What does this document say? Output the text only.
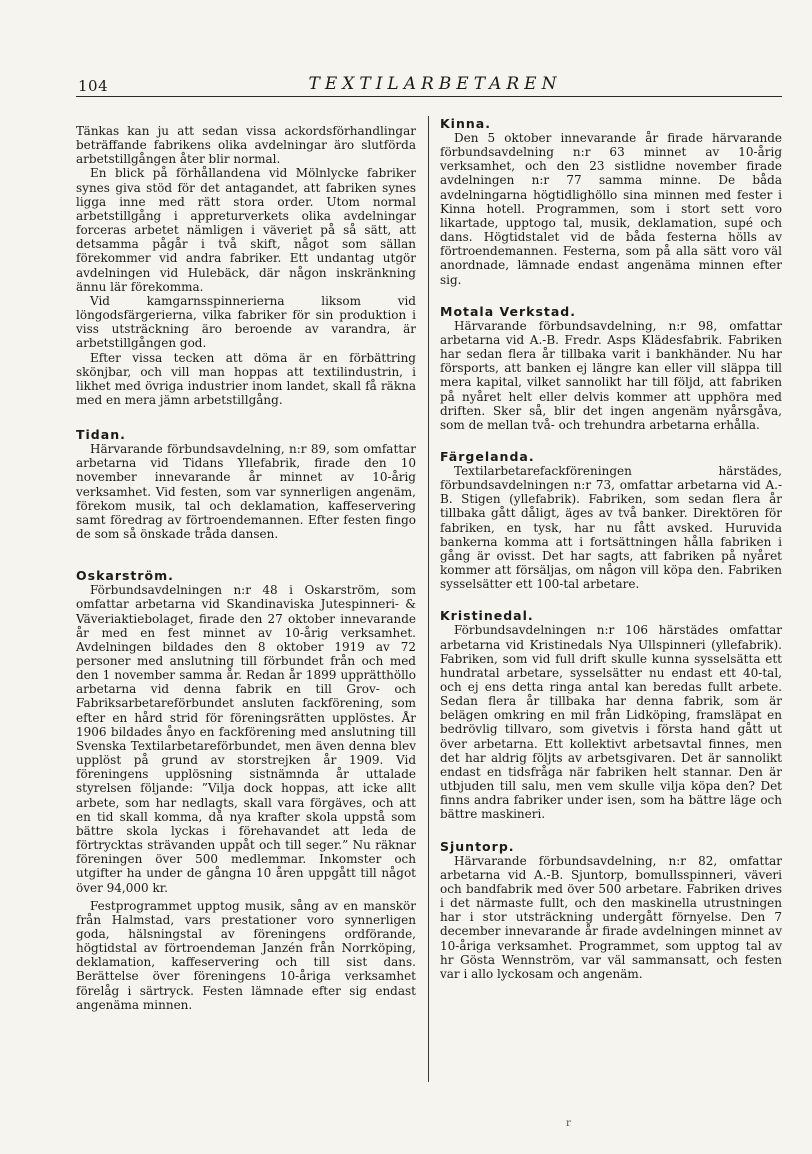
104	TEXTILARBETAREN

Tänkas kan ju att sedan vissa ackordsförhandlingar beträffande fabrikens olika avdelningar äro slutförda arbetstillgången åter blir normal.

En blick på förhållandena vid Mölnlycke fabriker synes giva stöd för det antagandet, att fabriken synes ligga inne med rätt stora order. Utom normal arbetstillgång i appreturverkets olika avdelningar forceras arbetet nämligen i väveriet på så sätt, att detsamma pågår i två skift, något som sällan förekommer vid andra fabriker. Ett undantag utgör avdelningen vid Hulebäck, där någon inskränkning ännu lär förekomma.

Vid kamgarnsspinnerierna liksom vid löngodsfärgerierna, vilka fabriker för sin produktion i viss utsträckning äro beroende av varandra, är arbetstillgången god.

Efter vissa tecken att döma är en förbättring skönjbar, och vill man hoppas att textilindustrin, i likhet med övriga industrier inom landet, skall få räkna med en mera jämn arbetstillgång.

Tidan.

Härvarande förbundsavdelning, n:r 89, som omfattar arbetarna vid Tidans Yllefabrik, firade den 10 november innevarande år minnet av 10-årig verksamhet. Vid festen, som var synnerligen angenäm, förekom musik, tal och deklamation, kaffeservering samt föredrag av förtroendemannen. Efter festen fingo de som så önskade tråda dansen.

Oskarström.

Förbundsavdelningen n:r 48 i Oskarström, som omfattar arbetarna vid Skandinaviska Jutespinneri- & Väveriaktiebolaget, firade den 27 oktober innevarande år med en fest minnet av 10-årig verksamhet. Avdelningen bildades den 8 oktober 1919 av 72 personer med anslutning till förbundet från och med den 1 november samma år. Redan år 1899 upprätthöllo arbetarna vid denna fabrik en till Grov- och Fabriksarbetareförbundet ansluten fackförening, som efter en hård strid för föreningsrätten upplöstes. År 1906 bildades ånyo en fackförening med anslutning till Svenska Textilarbetareförbundet, men även denna blev upplöst på grund av storstrejken år 1909. Vid föreningens upplösning sistnämnda år uttalade styrelsen följande: ”Vilja dock hoppas, att icke allt arbete, som har nedlagts, skall vara förgäves, och att en tid skall komma, då nya krafter skola uppstå som bättre skola lyckas i förehavandet att leda de förtrycktas strävanden uppåt och till seger.” Nu räknar föreningen över 500 medlemmar. Inkomster och utgifter ha under de gångna 10 åren uppgått till något över 94,000 kr.

Festprogrammet upptog musik, sång av en manskör från Halmstad, vars prestationer voro synnerligen goda, hälsningstal av föreningens ordförande, högtidstal av förtroendeman Janzén från Norrköping, deklamation, kaffeservering och till sist dans. Berättelse över föreningens 10-åriga verksamhet förelåg i särtryck. Festen lämnade efter sig endast angenäma minnen.

Kinna.

Den 5 oktober innevarande år firade härvarande förbundsavdelning n:r 63 minnet av 10-årig verksamhet, och den 23 sistlidne november firade avdelningen n:r 77 samma minne. De båda avdelningarna högtidlighöllo sina minnen med fester i Kinna hotell. Programmen, som i stort sett voro likartade, upptogo tal, musik, deklamation, supé och dans. Högtidstalet vid de båda festerna hölls av förtroendemannen. Festerna, som på alla sätt voro väl anordnade, lämnade endast angenäma minnen efter sig.

Motala Verkstad.

Härvarande förbundsavdelning, n:r 98, omfattar arbetarna vid A.-B. Fredr. Asps Klädesfabrik. Fabriken har sedan flera år tillbaka varit i bankhänder. Nu har försports, att banken ej längre kan eller vill släppa till mera kapital, vilket sannolikt har till följd, att fabriken på nyåret helt eller delvis kommer att upphöra med driften. Sker så, blir det ingen angenäm nyårsgåva, som de mellan två- och trehundra arbetarna erhålla.

Färgelanda.

Textilarbetarefackföreningen härstädes, förbundsavdelningen n:r 73, omfattar arbetarna vid A.-B. Stigen (yllefabrik). Fabriken, som sedan flera år tillbaka gått dåligt, äges av två banker. Direktören för fabriken, en tysk, har nu fått avsked. Huruvida bankerna komma att i fortsättningen hålla fabriken i gång är ovisst. Det har sagts, att fabriken på nyåret kommer att försäljas, om någon vill köpa den. Fabriken sysselsätter ett 100-tal arbetare.

Kristinedal.

Förbundsavdelningen n:r 106 härstädes omfattar arbetarna vid Kristinedals Nya Ullspinneri (yllefabrik). Fabriken, som vid full drift skulle kunna sysselsätta ett hundratal arbetare, sysselsätter nu endast ett 40-tal, och ej ens detta ringa antal kan beredas fullt arbete. Sedan flera år tillbaka har denna fabrik, som är belägen omkring en mil från Lidköping, framsläpat en bedrövlig tillvaro, som givetvis i första hand gått ut över arbetarna. Ett kollektivt arbetsavtal finnes, men det har aldrig följts av arbetsgivaren. Det är sannolikt endast en tidsfråga när fabriken helt stannar. Den är utbjuden till salu, men vem skulle vilja köpa den? Det finns andra fabriker under isen, som ha bättre läge och bättre maskineri.

Sjuntorp.

Härvarande förbundsavdelning, n:r 82, omfattar arbetarna vid A.-B. Sjuntorp, bomullsspinneri, väveri och bandfabrik med över 500 arbetare. Fabriken drives i det närmaste fullt, och den maskinella utrustningen har i stor utsträckning undergått förnyelse. Den 7 december innevarande år firade avdelningen minnet av 10-åriga verksamhet. Programmet, som upptog tal av hr Gösta Wennström, var väl sammansatt, och festen var i allo lyckosam och angenäm.

r
